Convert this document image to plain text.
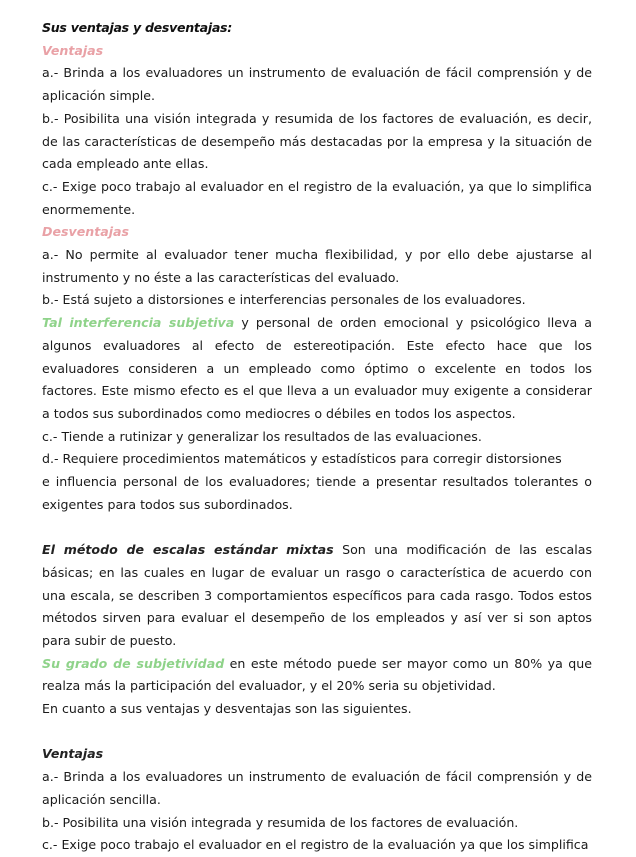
Sus ventajas y desventajas:

Ventajas

a.- Brinda a los evaluadores un instrumento de evaluación de fácil comprensión y de aplicación simple.

b.- Posibilita una visión integrada y resumida de los factores de evaluación, es decir, de las características de desempeño más destacadas por la empresa y la situación de cada empleado ante ellas.

c.- Exige poco trabajo al evaluador en el registro de la evaluación, ya que lo simplifica enormemente.

Desventajas

a.- No permite al evaluador tener mucha flexibilidad, y por ello debe ajustarse al instrumento y no éste a las características del evaluado.

b.- Está sujeto a distorsiones e interferencias personales de los evaluadores.

Tal interferencia subjetiva y personal de orden emocional y psicológico lleva a algunos evaluadores al efecto de estereotipación. Este efecto hace que los evaluadores consideren a un empleado como óptimo o excelente en todos los factores. Este mismo efecto es el que lleva a un evaluador muy exigente a considerar a todos sus subordinados como mediocres o débiles en todos los aspectos.

c.- Tiende a rutinizar y generalizar los resultados de las evaluaciones.

d.- Requiere procedimientos matemáticos y estadísticos para corregir distorsiones

e influencia personal de los evaluadores; tiende a presentar resultados tolerantes o exigentes para todos sus subordinados.

El método de escalas estándar mixtas Son una modificación de las escalas básicas; en las cuales en lugar de evaluar un rasgo o característica de acuerdo con una escala, se describen 3 comportamientos específicos para cada rasgo. Todos estos métodos sirven para evaluar el desempeño de los empleados y así ver si son aptos para subir de puesto.

Su grado de subjetividad en este método puede ser mayor como un 80% ya que realza más la participación del evaluador, y el 20% seria su objetividad.

En cuanto a sus ventajas y desventajas son las siguientes.

Ventajas

a.- Brinda a los evaluadores un instrumento de evaluación de fácil comprensión y de aplicación sencilla.

b.- Posibilita una visión integrada y resumida de los factores de evaluación.

c.- Exige poco trabajo el evaluador en el registro de la evaluación ya que los simplifica
